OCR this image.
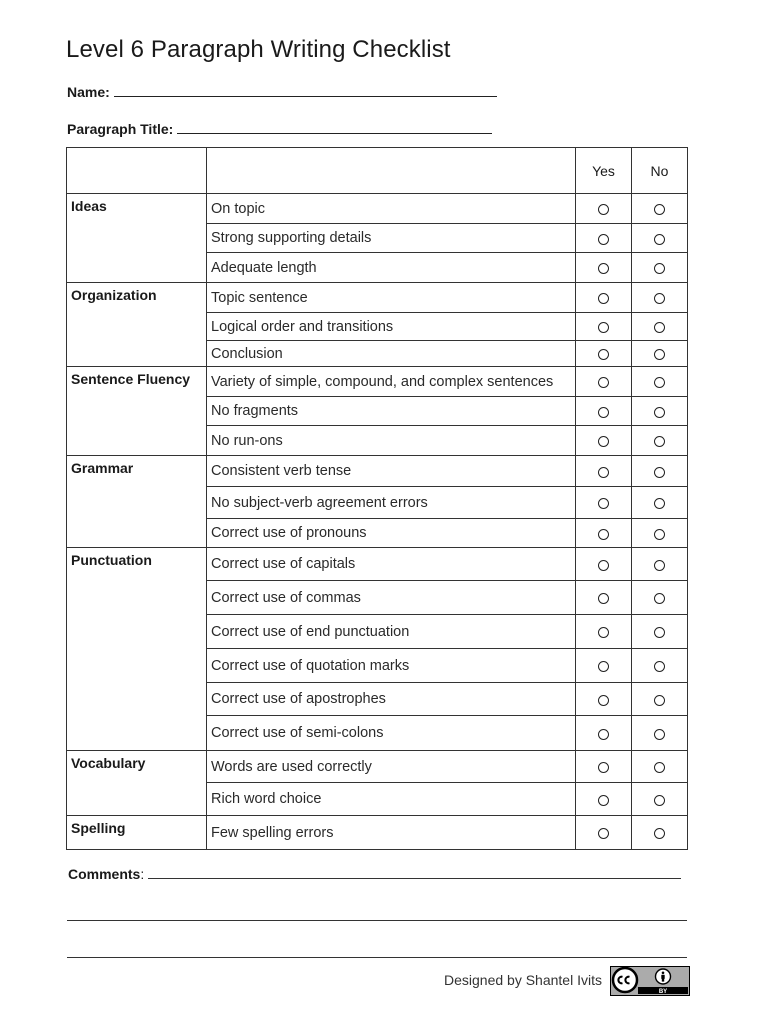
Level 6 Paragraph Writing Checklist
Name:
Paragraph Title:
		Yes	No
Ideas	On topic		
	Strong supporting details		
	Adequate length		
Organization	Topic sentence		
	Logical order and transitions		
	Conclusion		
Sentence Fluency	Variety of simple, compound, and complex sentences		
	No fragments		
	No run-ons		
Grammar	Consistent verb tense		
	No subject-verb agreement errors		
	Correct use of pronouns		
Punctuation	Correct use of capitals		
	Correct use of commas		
	Correct use of end punctuation		
	Correct use of quotation marks		
	Correct use of apostrophes		
	Correct use of semi-colons		
Vocabulary	Words are used correctly		
	Rich word choice		
Spelling	Few spelling errors		
Comments:
Designed by Shantel Ivits
BY
